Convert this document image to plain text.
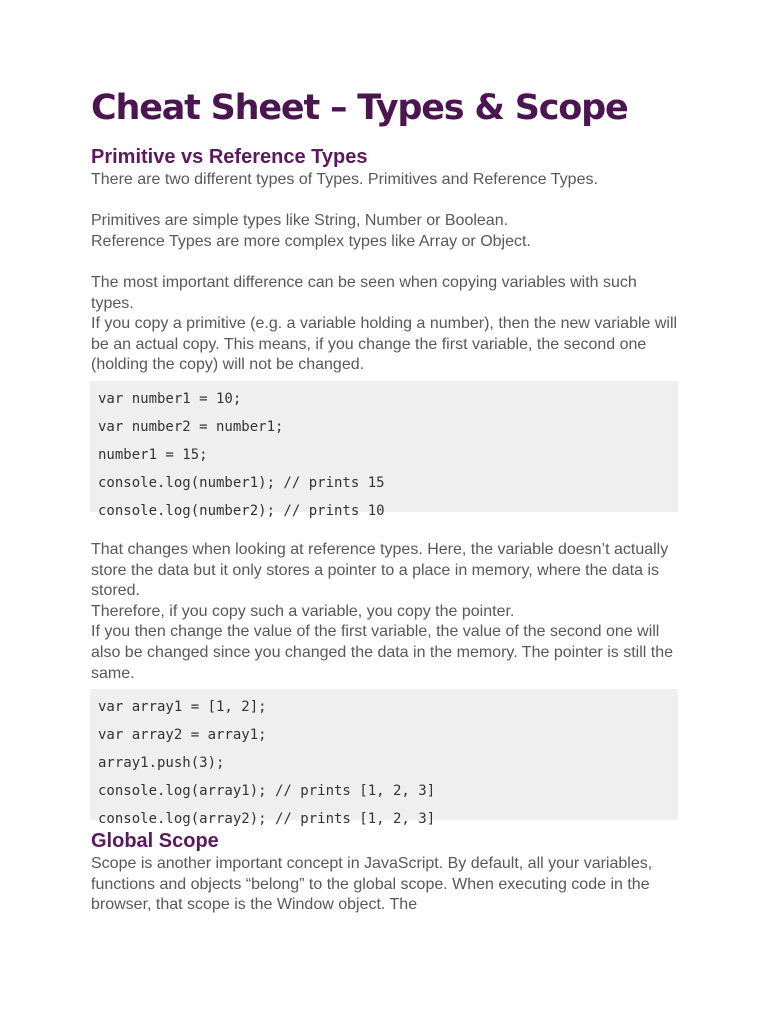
Cheat Sheet – Types & Scope
Primitive vs Reference Types

There are two different types of Types. Primitives and Reference Types.

Primitives are simple types like String, Number or Boolean.

Reference Types are more complex types like Array or Object.

The most important difference can be seen when copying variables with such types.

If you copy a primitive (e.g. a variable holding a number), then the new variable will be an actual copy. This means, if you change the first variable, the second one (holding the copy) will not be changed.

var number1 = 10;
var number2 = number1;
number1 = 15;
console.log(number1); // prints 15
console.log(number2); // prints 10

That changes when looking at reference types. Here, the variable doesn’t actually store the data but it only stores a pointer to a place in memory, where the data is stored.

Therefore, if you copy such a variable, you copy the pointer.

If you then change the value of the first variable, the value of the second one will also be changed since you changed the data in the memory. The pointer is still the same.

var array1 = [1, 2];
var array2 = array1;
array1.push(3);
console.log(array1); // prints [1, 2, 3]
console.log(array2); // prints [1, 2, 3]
Global Scope

Scope is another important concept in JavaScript. By default, all your variables, functions and objects “belong” to the global scope. When executing code in the browser, that scope is the Window object. The
